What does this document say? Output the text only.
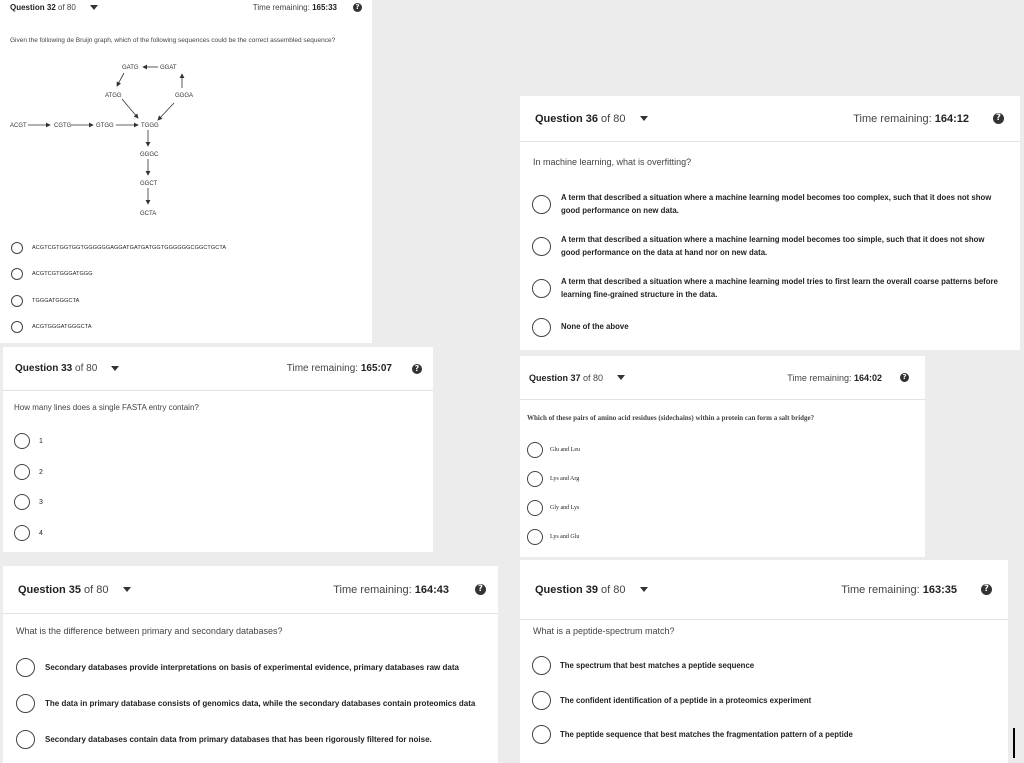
Question 32 of 80	Time remaining: 165:33	?
Given the following de Bruijn graph, which of the following sequences could be the correct assembled sequence?
GATG	GGAT
ATGG	GGGA
ACGT	CGTG	GTGG	TGGG
GGGC
GGCT
GCTA
ACGTCGTGGTGGTGGGGGGAGGATGATGATGGTGGGGGGCGGCTGCTA
ACGTCGTGGGATGGG
TGGGATGGGCTA
ACGTGGGATGGGCTA
Question 33 of 80	Time remaining: 165:07	?
How many lines does a single FASTA entry contain?
1
2
3
4
Question 35 of 80	Time remaining: 164:43	?
What is the difference between primary and secondary databases?
Secondary databases provide interpretations on basis of experimental evidence, primary databases raw data
The data in primary database consists of genomics data, while the secondary databases contain proteomics data
Secondary databases contain data from primary databases that has been rigorously filtered for noise.
Question 36 of 80	Time remaining: 164:12	?
In machine learning, what is overfitting?
A term that described a situation where a machine learning model becomes too complex, such that it does not show good performance on new data.
A term that described a situation where a machine learning model becomes too simple, such that it does not show good performance on the data at hand nor on new data.
A term that described a situation where a machine learning model tries to first learn the overall coarse patterns before learning fine-grained structure in the data.
None of the above
Question 37 of 80	Time remaining: 164:02	?
Which of these pairs of amino acid residues (sidechains) within a protein can form a salt bridge?
Glu and Leu
Lys and Arg
Gly and Lys
Lys and Glu
Question 39 of 80	Time remaining: 163:35	?
What is a peptide-spectrum match?
The spectrum that best matches a peptide sequence
The confident identification of a peptide in a proteomics experiment
The peptide sequence that best matches the fragmentation pattern of a peptide
